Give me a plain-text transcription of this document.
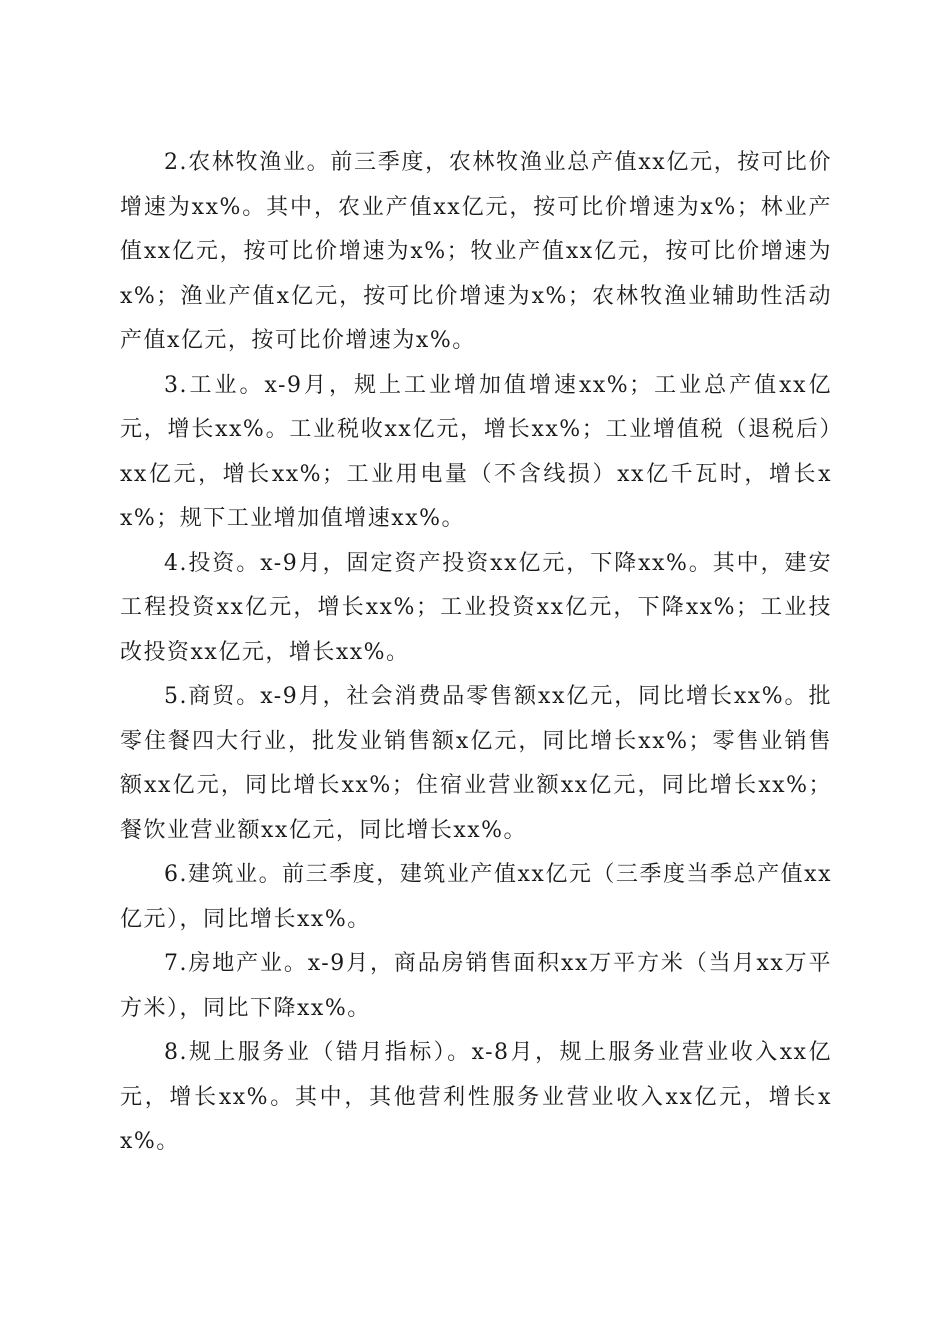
2.农林牧渔业。前三季度，农林牧渔业总产值xx亿元，按可比价增速为xx%。其中，农业产值xx亿元，按可比价增速为x%；林业产值xx亿元，按可比价增速为x%；牧业产值xx亿元，按可比价增速为x%；渔业产值x亿元，按可比价增速为x%；农林牧渔业辅助性活动产值x亿元，按可比价增速为x%。

3.工业。x-9月，规上工业增加值增速xx%；工业总产值xx亿元，增长xx%。工业税收xx亿元，增长xx%；工业增值税（退税后）xx亿元，增长xx%；工业用电量（不含线损）xx亿千瓦时，增长xx%；规下工业增加值增速xx%。

4.投资。x-9月，固定资产投资xx亿元，下降xx%。其中，建安工程投资xx亿元，增长xx%；工业投资xx亿元，下降xx%；工业技改投资xx亿元，增长xx%。

5.商贸。x-9月，社会消费品零售额xx亿元，同比增长xx%。批零住餐四大行业，批发业销售额x亿元，同比增长xx%；零售业销售额xx亿元，同比增长xx%；住宿业营业额xx亿元，同比增长xx%；餐饮业营业额xx亿元，同比增长xx%。

6.建筑业。前三季度，建筑业产值xx亿元（三季度当季总产值xx亿元），同比增长xx%。

7.房地产业。x-9月，商品房销售面积xx万平方米（当月xx万平方米），同比下降xx%。

8.规上服务业（错月指标）。x-8月，规上服务业营业收入xx亿元，增长xx%。其中，其他营利性服务业营业收入xx亿元，增长xx%。
